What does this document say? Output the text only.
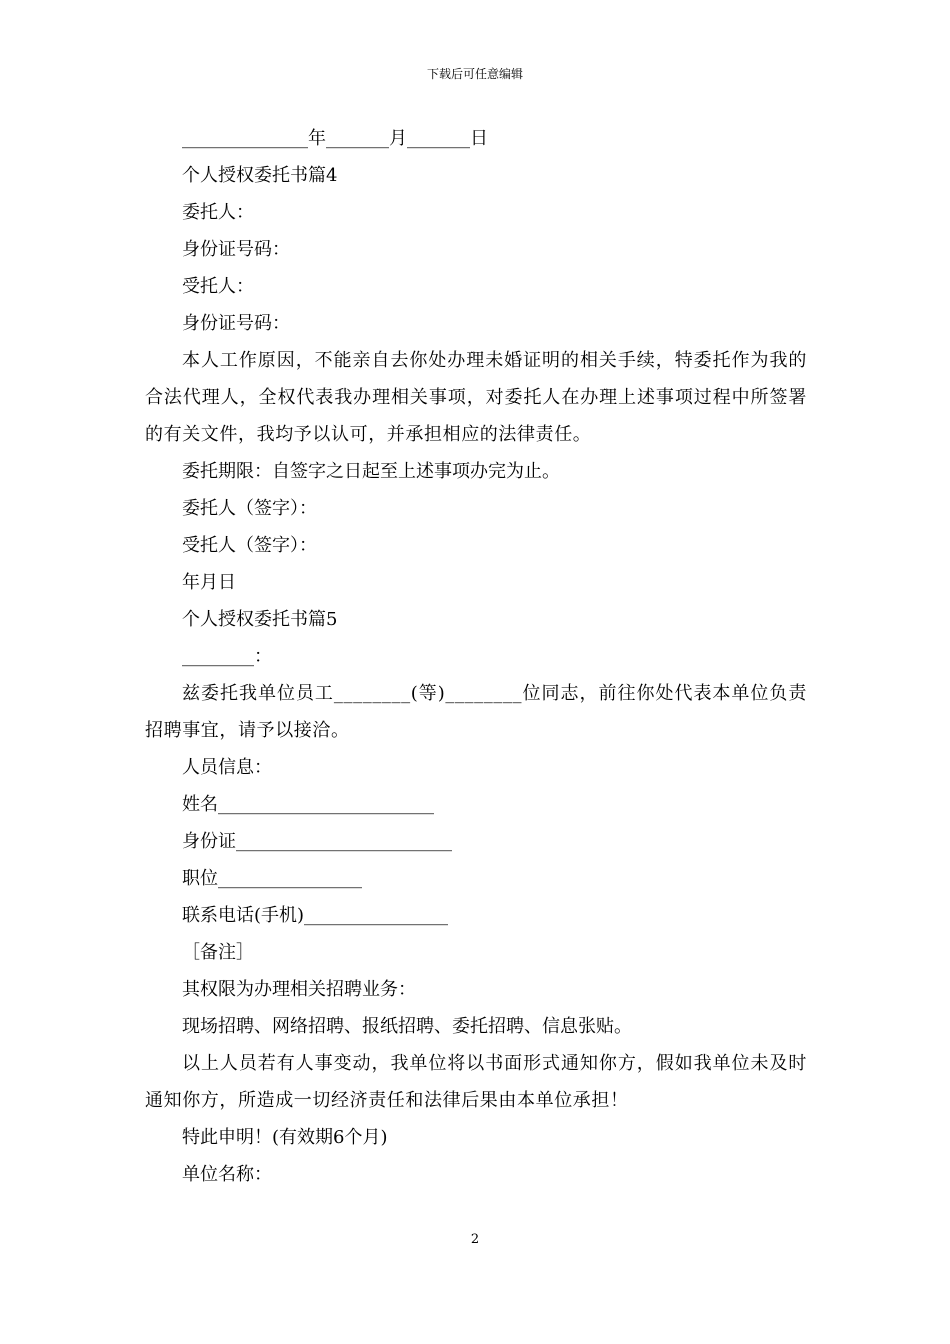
下载后可任意编辑
______________年_______月_______日
个人授权委托书篇4
委托人：
身份证号码：
受托人：
身份证号码：

本人工作原因，不能亲自去你处办理未婚证明的相关手续，特委托作为我的合法代理人，全权代表我办理相关事项，对委托人在办理上述事项过程中所签署的有关文件，我均予以认可，并承担相应的法律责任。

委托期限：自签字之日起至上述事项办完为止。
委托人（签字）：
受托人（签字）：
年月日
个人授权委托书篇5
________：

兹委托我单位员工________(等)________位同志，前往你处代表本单位负责招聘事宜，请予以接洽。

人员信息：
姓名________________________
身份证________________________
职位________________
联系电话(手机)________________
［备注］
其权限为办理相关招聘业务：
现场招聘、网络招聘、报纸招聘、委托招聘、信息张贴。

以上人员若有人事变动，我单位将以书面形式通知你方，假如我单位未及时通知你方，所造成一切经济责任和法律后果由本单位承担！

特此申明！(有效期6个月)
单位名称：
2
